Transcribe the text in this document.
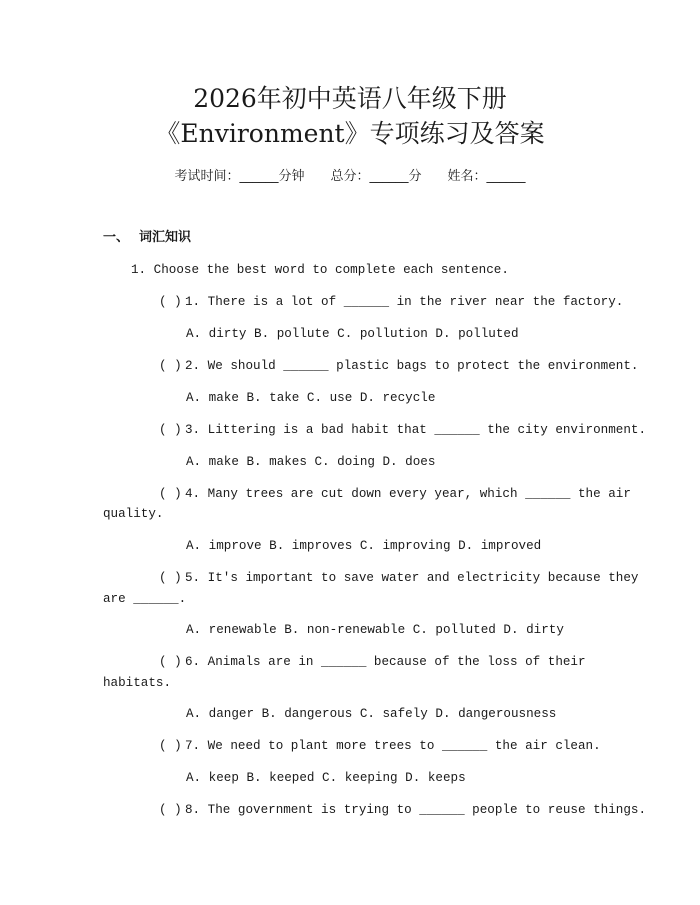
2026年初中英语八年级下册
《Environment》专项练习及答案
考试时间：______分钟 总分：______分 姓名：______
一、 词汇知识
1. Choose the best word to complete each sentence.
( ) 1. There is a lot of ______ in the river near the factory.
A. dirty B. pollute C. pollution D. polluted
( ) 2. We should ______ plastic bags to protect the environment.
A. make B. take C. use D. recycle
( ) 3. Littering is a bad habit that ______ the city environment.
A. make B. makes C. doing D. does
( ) 4. Many trees are cut down every year, which ______ the air
quality.
A. improve B. improves C. improving D. improved
( ) 5. It's important to save water and electricity because they
are ______.
A. renewable B. non-renewable C. polluted D. dirty
( ) 6. Animals are in ______ because of the loss of their
habitats.
A. danger B. dangerous C. safely D. dangerousness
( ) 7. We need to plant more trees to ______ the air clean.
A. keep B. keeped C. keeping D. keeps
( ) 8. The government is trying to ______ people to reuse things.
